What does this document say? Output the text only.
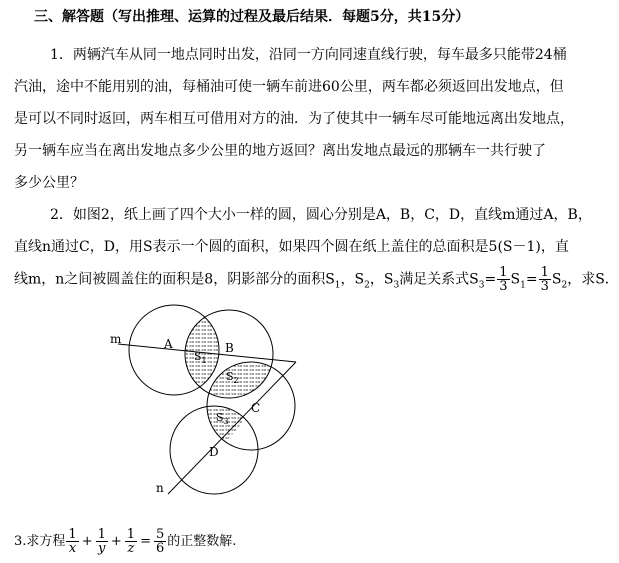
三、解答题（写出推理、运算的过程及最后结果．每题5分，共15分）
1．两辆汽车从同一地点同时出发，沿同一方向同速直线行驶，每车最多只能带24桶
汽油，途中不能用别的油，每桶油可使一辆车前进60公里，两车都必须返回出发地点，但
是可以不同时返回，两车相互可借用对方的油．为了使其中一辆车尽可能地远离出发地点，
另一辆车应当在离出发地点多少公里的地方返回？离出发地点最远的那辆车一共行驶了
多少公里？
2．如图2，纸上画了四个大小一样的圆，圆心分别是A，B，C，D，直线m通过A，B，
直线n通过C，D，用S表示一个圆的面积，如果四个圆在纸上盖住的总面积是5(S－1)，直
线m，n之间被圆盖住的面积是8，阴影部分的面积$S_1$，$S_2$，$S_3$满足关系式$S_3= \frac{1}{3} S_1= \frac{1}{3} S_2$，求S．
m
n
A	B
C
D
$S_1$
$S_2$
$S_3$
3.求方程 $\frac{1}{x} + \frac{1}{y} + \frac{1}{z} = \frac{5}{6}$ 的正整数解.
